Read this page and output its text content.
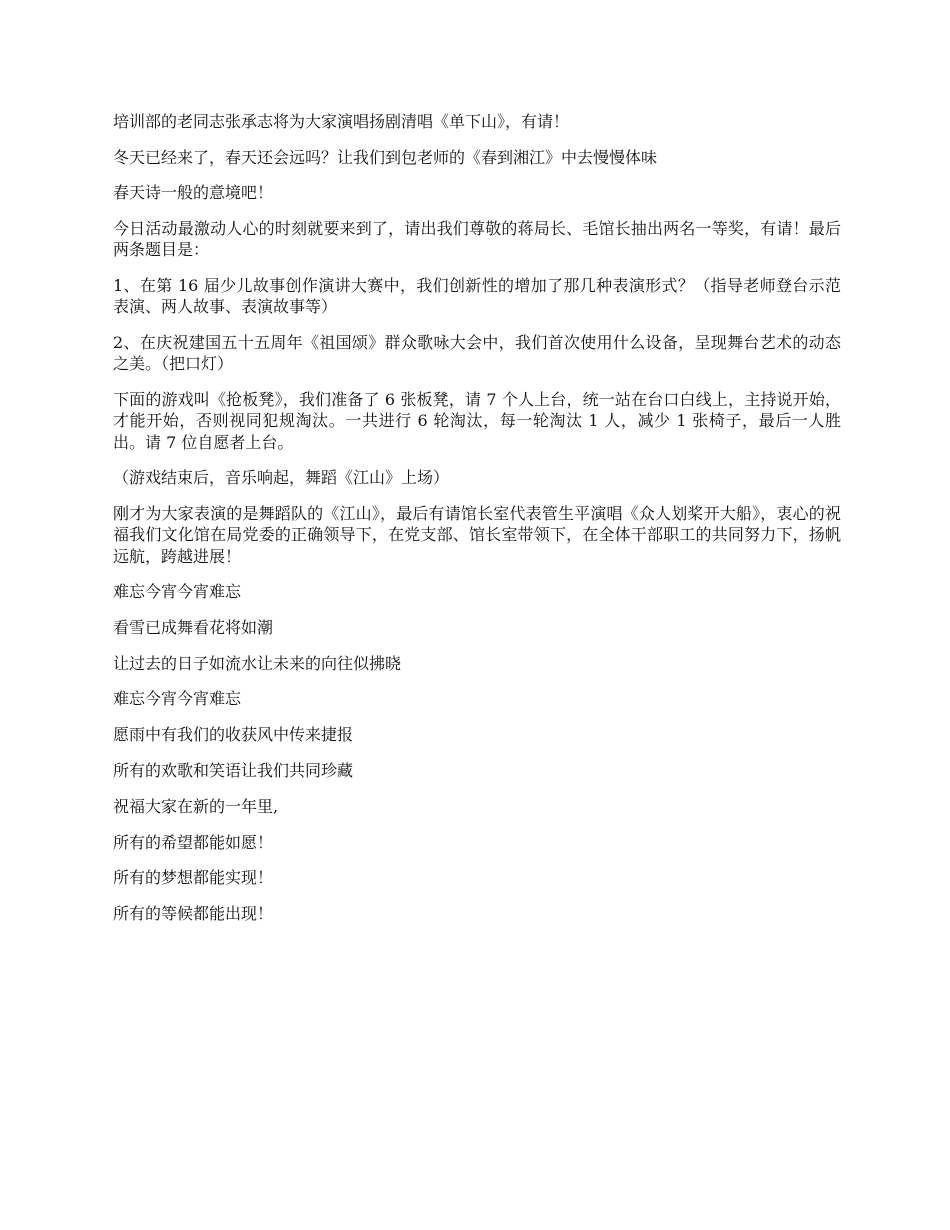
培训部的老同志张承志将为大家演唱扬剧清唱《单下山》，有请！

冬天已经来了，春天还会远吗？让我们到包老师的《春到湘江》中去慢慢体味

春天诗一般的意境吧！

今日活动最激动人心的时刻就要来到了，请出我们尊敬的蒋局长、毛馆长抽出两名一等奖，有请！最后两条题目是：

1、在第 16 届少儿故事创作演讲大赛中，我们创新性的增加了那几种表演形式？（指导老师登台示范表演、两人故事、表演故事等）

2、在庆祝建国五十五周年《祖国颂》群众歌咏大会中，我们首次使用什么设备，呈现舞台艺术的动态之美。（把口灯）

下面的游戏叫《抢板凳》，我们准备了 6 张板凳，请 7 个人上台，统一站在台口白线上，主持说开始，才能开始，否则视同犯规淘汰。一共进行 6 轮淘汰，每一轮淘汰 1 人，减少 1 张椅子，最后一人胜出。请 7 位自愿者上台。

（游戏结束后，音乐响起，舞蹈《江山》上场）

刚才为大家表演的是舞蹈队的《江山》，最后有请馆长室代表管生平演唱《众人划桨开大船》，衷心的祝福我们文化馆在局党委的正确领导下，在党支部、馆长室带领下，在全体干部职工的共同努力下，扬帆远航，跨越进展！

难忘今宵今宵难忘

看雪已成舞看花将如潮

让过去的日子如流水让未来的向往似拂晓

难忘今宵今宵难忘

愿雨中有我们的收获风中传来捷报

所有的欢歌和笑语让我们共同珍藏

祝福大家在新的一年里,

所有的希望都能如愿！

所有的梦想都能实现！

所有的等候都能出现！
